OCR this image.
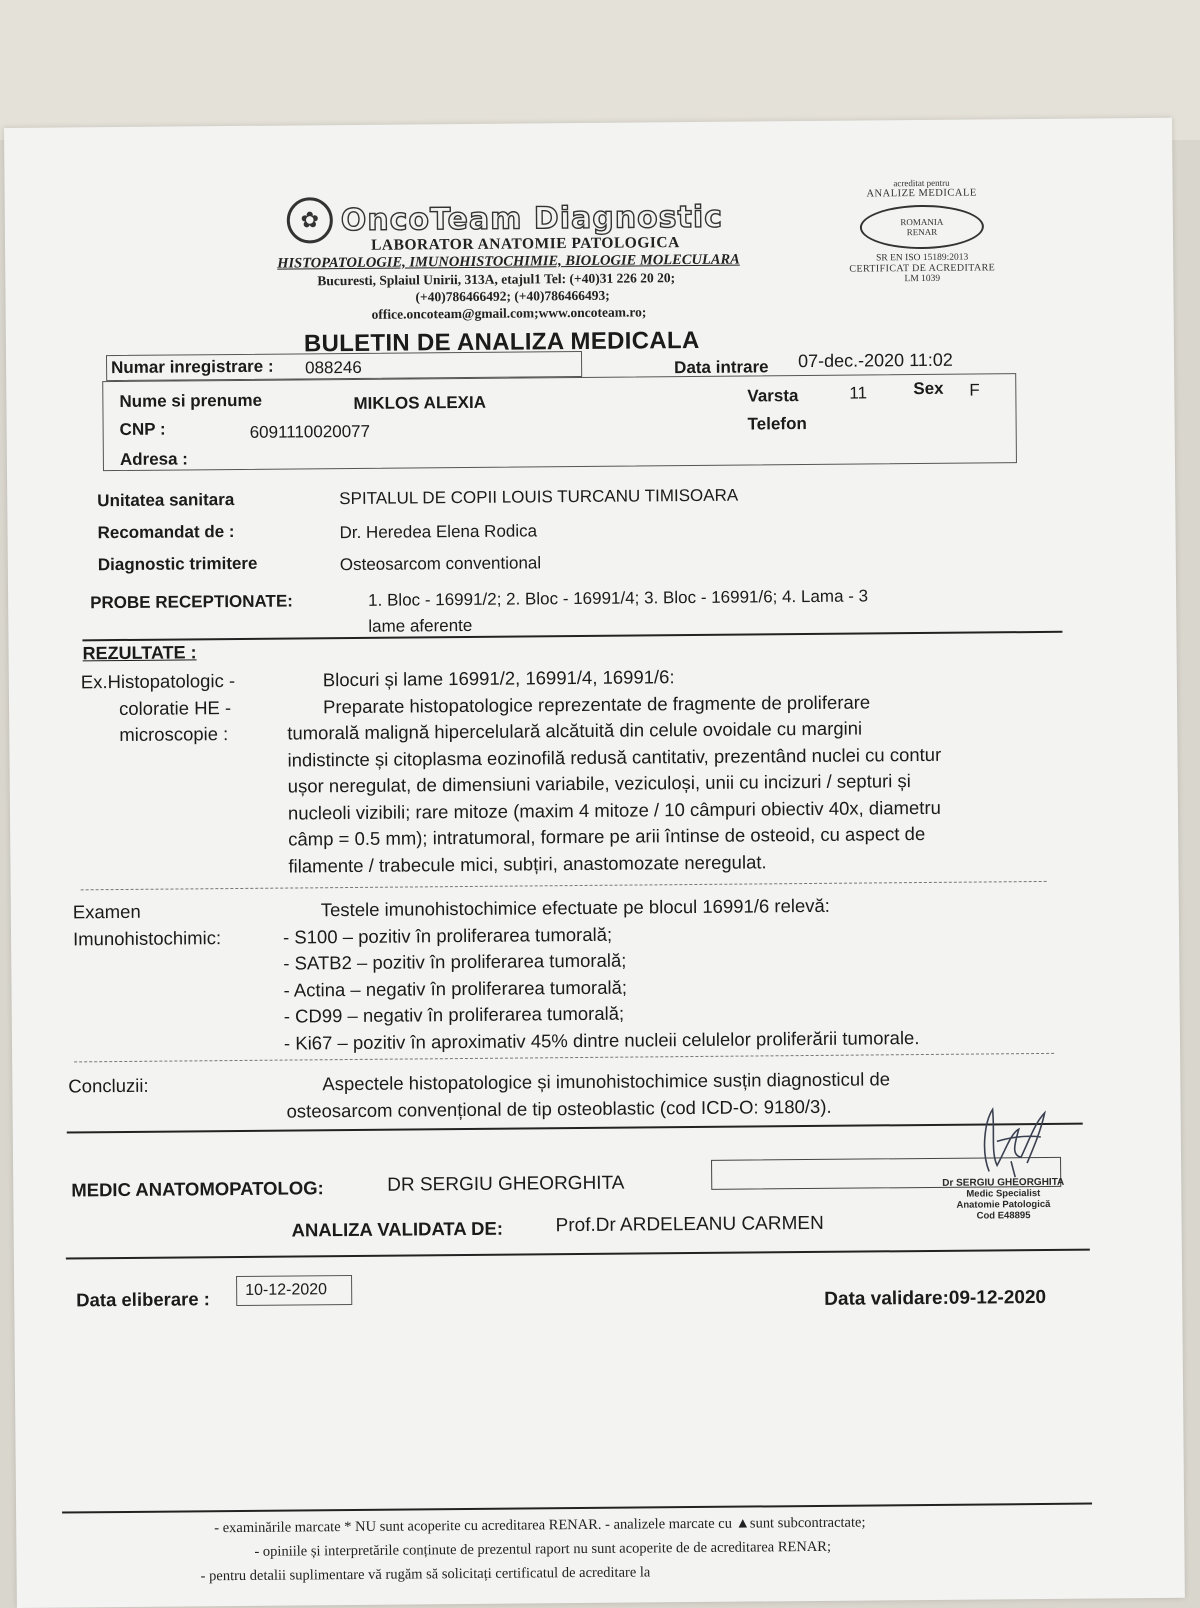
✿ OncoTeam Diagnostic
LABORATOR ANATOMIE PATOLOGICA
HISTOPATOLOGIE, IMUNOHISTOCHIMIE, BIOLOGIE MOLECULARA
Bucuresti, Splaiul Unirii, 313A, etajul1 Tel: (+40)31 226 20 20;
(+40)786466492; (+40)786466493;
office.oncoteam@gmail.com;www.oncoteam.ro;
acreditat pentru
ANALIZE MEDICALE
ROMANIA
RENAR
SR EN ISO 15189:2013
CERTIFICAT DE ACREDITARE
LM 1039
BULETIN DE ANALIZA MEDICALA
Numar inregistrare : 088246	Data intrare 07-dec.-2020 11:02
Nume si prenume	MIKLOS ALEXIA	Varsta	11	Sex F
CNP :	6091110020077	Telefon
Adresa :
Unitatea sanitara	SPITALUL DE COPII LOUIS TURCANU TIMISOARA
Recomandat de :	Dr. Heredea Elena Rodica
Diagnostic trimitere	Osteosarcom conventional
PROBE RECEPTIONATE:	1. Bloc - 16991/2; 2. Bloc - 16991/4; 3. Bloc - 16991/6; 4. Lama - 3
lame aferente
REZULTATE :
Ex.Histopatologic -
coloratie HE -
microscopie :
Blocuri și lame 16991/2, 16991/4, 16991/6:
Preparate histopatologice reprezentate de fragmente de proliferare
tumorală malignă hipercelulară alcătuită din celule ovoidale cu margini
indistincte și citoplasma eozinofilă redusă cantitativ, prezentând nuclei cu contur
ușor neregulat, de dimensiuni variabile, veziculoși, unii cu incizuri / septuri și
nucleoli vizibili; rare mitoze (maxim 4 mitoze / 10 câmpuri obiectiv 40x, diametru
câmp = 0.5 mm); intratumoral, formare pe arii întinse de osteoid, cu aspect de
filamente / trabecule mici, subțiri, anastomozate neregulat.
Examen
Imunohistochimic:
Testele imunohistochimice efectuate pe blocul 16991/6 relevă:
- S100 – pozitiv în proliferarea tumorală;
- SATB2 – pozitiv în proliferarea tumorală;
- Actina – negativ în proliferarea tumorală;
- CD99 – negativ în proliferarea tumorală;
- Ki67 – pozitiv în aproximativ 45% dintre nucleii celulelor proliferării tumorale.
Concluzii:	Aspectele histopatologice și imunohistochimice susțin diagnosticul de
osteosarcom convențional de tip osteoblastic (cod ICD-O: 9180/3).
MEDIC ANATOMOPATOLOG:	DR SERGIU GHEORGHITA	Dr SERGIU GHEORGHITA
Medic Specialist
Anatomie Patologică
Cod E48895
ANALIZA VALIDATA DE:	Prof.Dr ARDELEANU CARMEN
Data eliberare : 10-12-2020	Data validare:09-12-2020
- examinările marcate * NU sunt acoperite cu acreditarea RENAR. - analizele marcate cu ▲sunt subcontractate;
- opiniile și interpretările conținute de prezentul raport nu sunt acoperite de de acreditarea RENAR;
- pentru detalii suplimentare vă rugăm să solicitați certificatul de acreditare la
